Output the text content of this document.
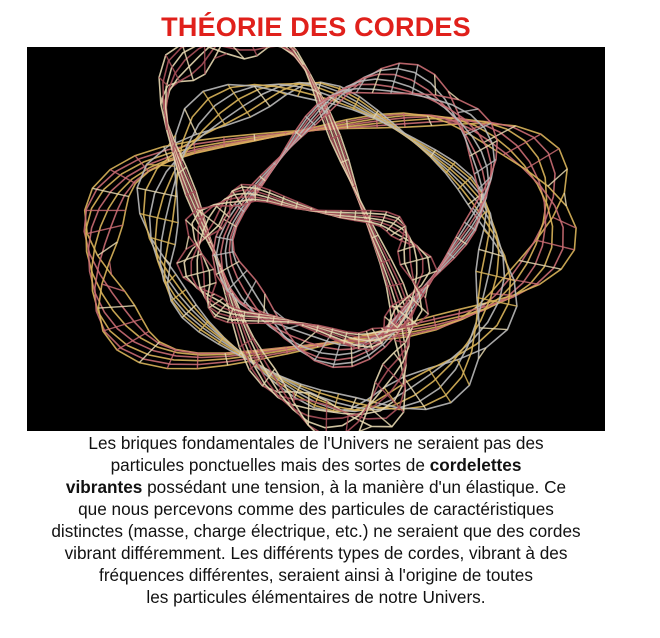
THÉORIE DES CORDES

Les briques fondamentales de l'Univers ne seraient pas des
particules ponctuelles mais des sortes de cordelettes
vibrantes possédant une tension, à la manière d'un élastique. Ce
que nous percevons comme des particules de caractéristiques
distinctes (masse, charge électrique, etc.) ne seraient que des cordes
vibrant différemment. Les différents types de cordes, vibrant à des
fréquences différentes, seraient ainsi à l'origine de toutes
les particules élémentaires de notre Univers.
